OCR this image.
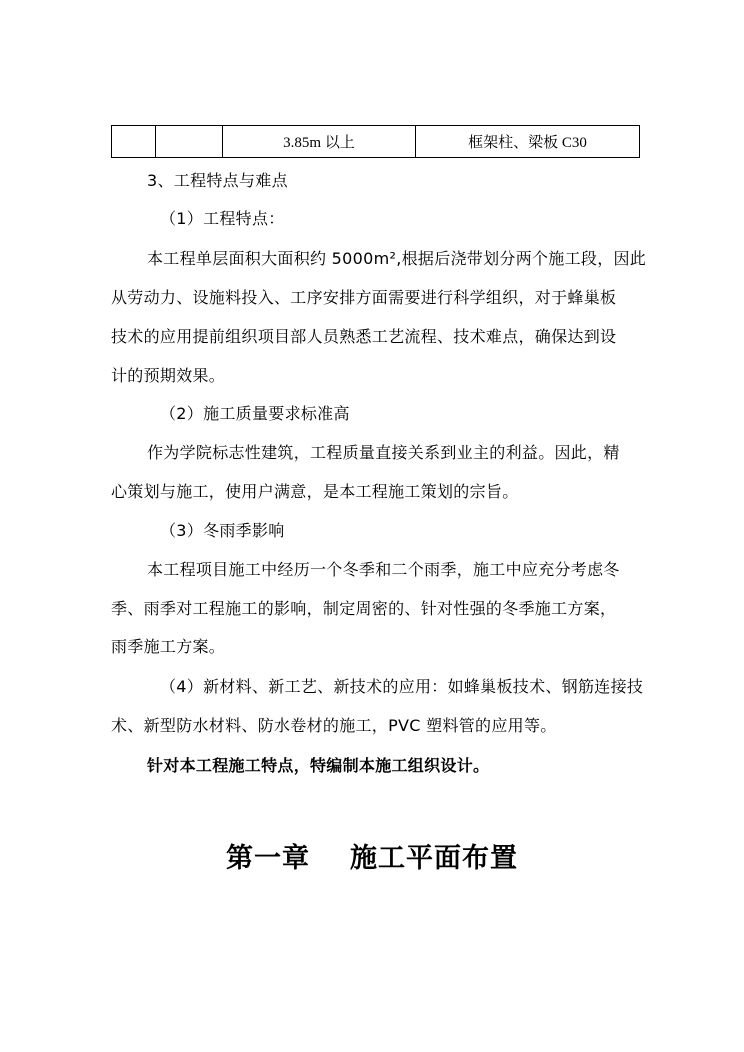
		3.85m 以上	框架柱、梁板 C30
3、工程特点与难点
（1）工程特点：
本工程单层面积大面积约 5000m²,根据后浇带划分两个施工段，因此
从劳动力、设施料投入、工序安排方面需要进行科学组织，对于蜂巢板
技术的应用提前组织项目部人员熟悉工艺流程、技术难点，确保达到设
计的预期效果。
（2）施工质量要求标准高
作为学院标志性建筑，工程质量直接关系到业主的利益。因此，精
心策划与施工，使用户满意，是本工程施工策划的宗旨。
（3）冬雨季影响
本工程项目施工中经历一个冬季和二个雨季，施工中应充分考虑冬
季、雨季对工程施工的影响，制定周密的、针对性强的冬季施工方案，
雨季施工方案。
（4）新材料、新工艺、新技术的应用：如蜂巢板技术、钢筋连接技
术、新型防水材料、防水卷材的施工，PVC 塑料管的应用等。
针对本工程施工特点，特编制本施工组织设计。
第一章 施工平面布置
